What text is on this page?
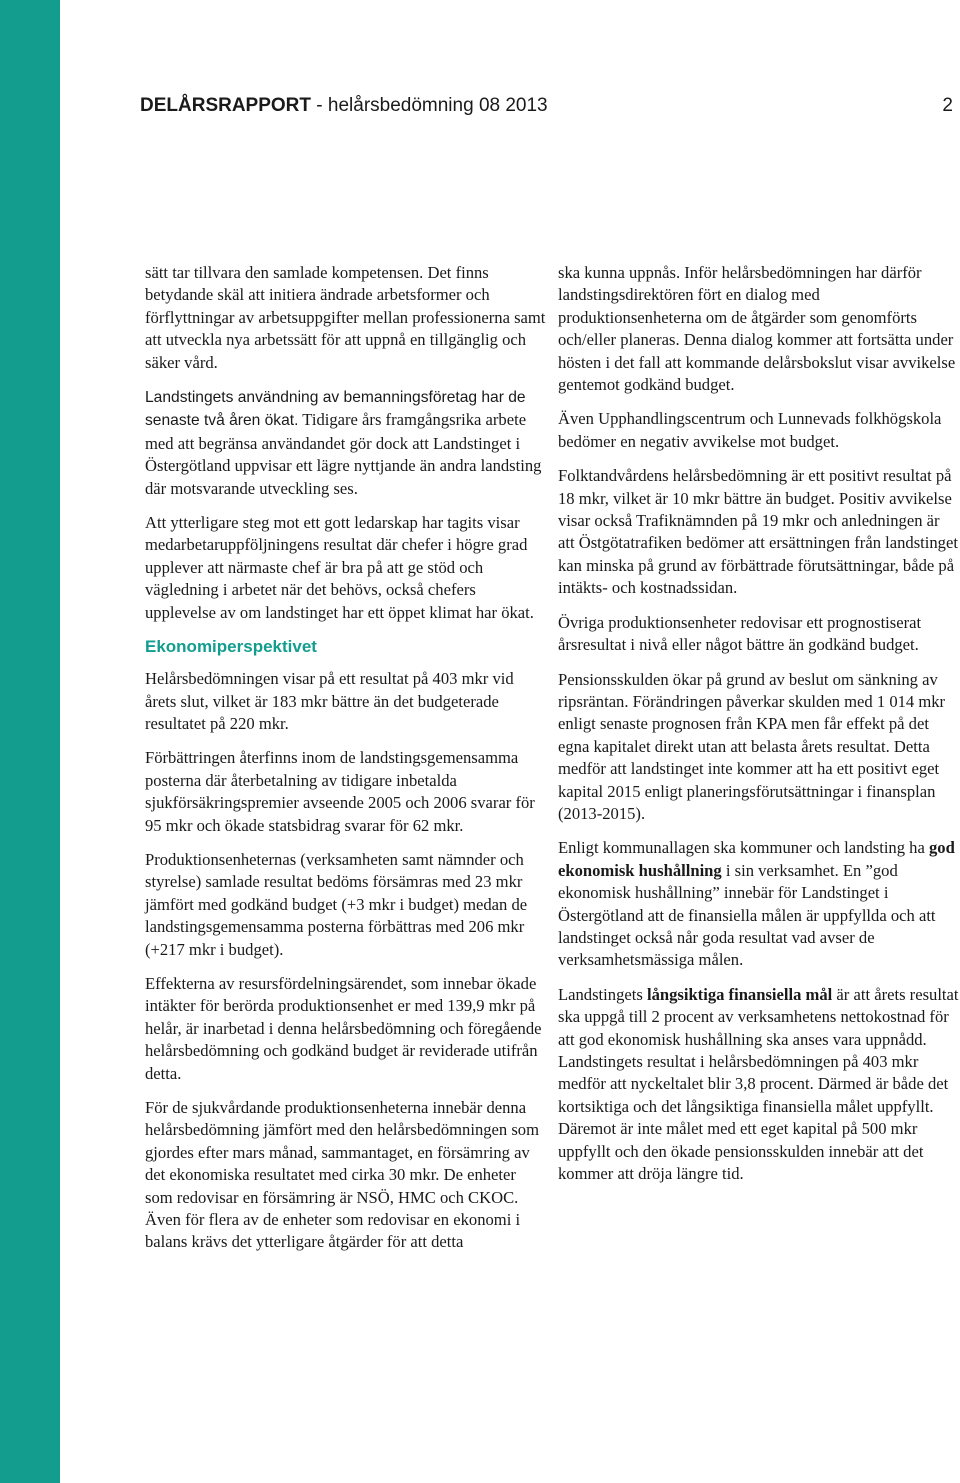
DELÅRSRAPPORT - helårsbedömning 08 2013	2

sätt tar tillvara den samlade kompetensen. Det finns betydande skäl att initiera ändrade arbetsformer och förflyttningar av arbetsuppgifter mellan professionerna samt att utveckla nya arbetssätt för att uppnå en tillgänglig och säker vård.

Landstingets användning av bemanningsföretag har de senaste två åren ökat. Tidigare års framgångsrika arbete med att begränsa användandet gör dock att Landstinget i Östergötland uppvisar ett lägre nyttjande än andra landsting där motsvarande utveckling ses.

Att ytterligare steg mot ett gott ledarskap har tagits visar medarbetaruppföljningens resultat där chefer i högre grad upplever att närmaste chef är bra på att ge stöd och vägledning i arbetet när det behövs, också chefers upplevelse av om landstinget har ett öppet klimat har ökat.

Ekonomiperspektivet

Helårsbedömningen visar på ett resultat på 403 mkr vid årets slut, vilket är 183 mkr bättre än det budgeterade resultatet på 220 mkr.

Förbättringen återfinns inom de landstingsgemensamma posterna där återbetalning av tidigare inbetalda sjukförsäkringspremier avseende 2005 och 2006 svarar för 95 mkr och ökade statsbidrag svarar för 62 mkr.

Produktionsenheternas (verksamheten samt nämnder och styrelse) samlade resultat bedöms försämras med 23 mkr jämfört med godkänd budget (+3 mkr i budget) medan de landstingsgemensamma posterna förbättras med 206 mkr (+217 mkr i budget).

Effekterna av resursfördelningsärendet, som innebar ökade intäkter för berörda produktionsenhet er med 139,9 mkr på helår, är inarbetad i denna helårsbedömning och föregående helårsbedömning och godkänd budget är reviderade utifrån detta.

För de sjukvårdande produktionsenheterna innebär denna helårsbedömning jämfört med den helårsbedömningen som gjordes efter mars månad, sammantaget, en försämring av det ekonomiska resultatet med cirka 30 mkr. De enheter som redovisar en försämring är NSÖ, HMC och CKOC. Även för flera av de enheter som redovisar en ekonomi i balans krävs det ytterligare åtgärder för att detta

ska kunna uppnås. Inför helårsbedömningen har därför landstingsdirektören fört en dialog med produktionsenheterna om de åtgärder som genomförts och/eller planeras. Denna dialog kommer att fortsätta under hösten i det fall att kommande delårsbokslut visar avvikelse gentemot godkänd budget.

Även Upphandlingscentrum och Lunnevads folkhögskola bedömer en negativ avvikelse mot budget.

Folktandvårdens helårsbedömning är ett positivt resultat på 18 mkr, vilket är 10 mkr bättre än budget. Positiv avvikelse visar också Trafiknämnden på 19 mkr och anledningen är att Östgötatrafiken bedömer att ersättningen från landstinget kan minska på grund av förbättrade förutsättningar, både på intäkts- och kostnadssidan.

Övriga produktionsenheter redovisar ett prognostiserat årsresultat i nivå eller något bättre än godkänd budget.

Pensionsskulden ökar på grund av beslut om sänkning av ripsräntan. Förändringen påverkar skulden med 1 014 mkr enligt senaste prognosen från KPA men får effekt på det egna kapitalet direkt utan att belasta årets resultat. Detta medför att landstinget inte kommer att ha ett positivt eget kapital 2015 enligt planeringsförutsättningar i finansplan (2013-2015).

Enligt kommunallagen ska kommuner och landsting ha god ekonomisk hushållning i sin verksamhet. En ”god ekonomisk hushållning” innebär för Landstinget i Östergötland att de finansiella målen är uppfyllda och att landstinget också når goda resultat vad avser de verksamhetsmässiga målen.

Landstingets långsiktiga finansiella mål är att årets resultat ska uppgå till 2 procent av verksamhetens nettokostnad för att god ekonomisk hushållning ska anses vara uppnådd. Landstingets resultat i helårsbedömningen på 403 mkr medför att nyckeltalet blir 3,8 procent. Därmed är både det kortsiktiga och det långsiktiga finansiella målet uppfyllt. Däremot är inte målet med ett eget kapital på 500 mkr uppfyllt och den ökade pensionsskulden innebär att det kommer att dröja längre tid.
